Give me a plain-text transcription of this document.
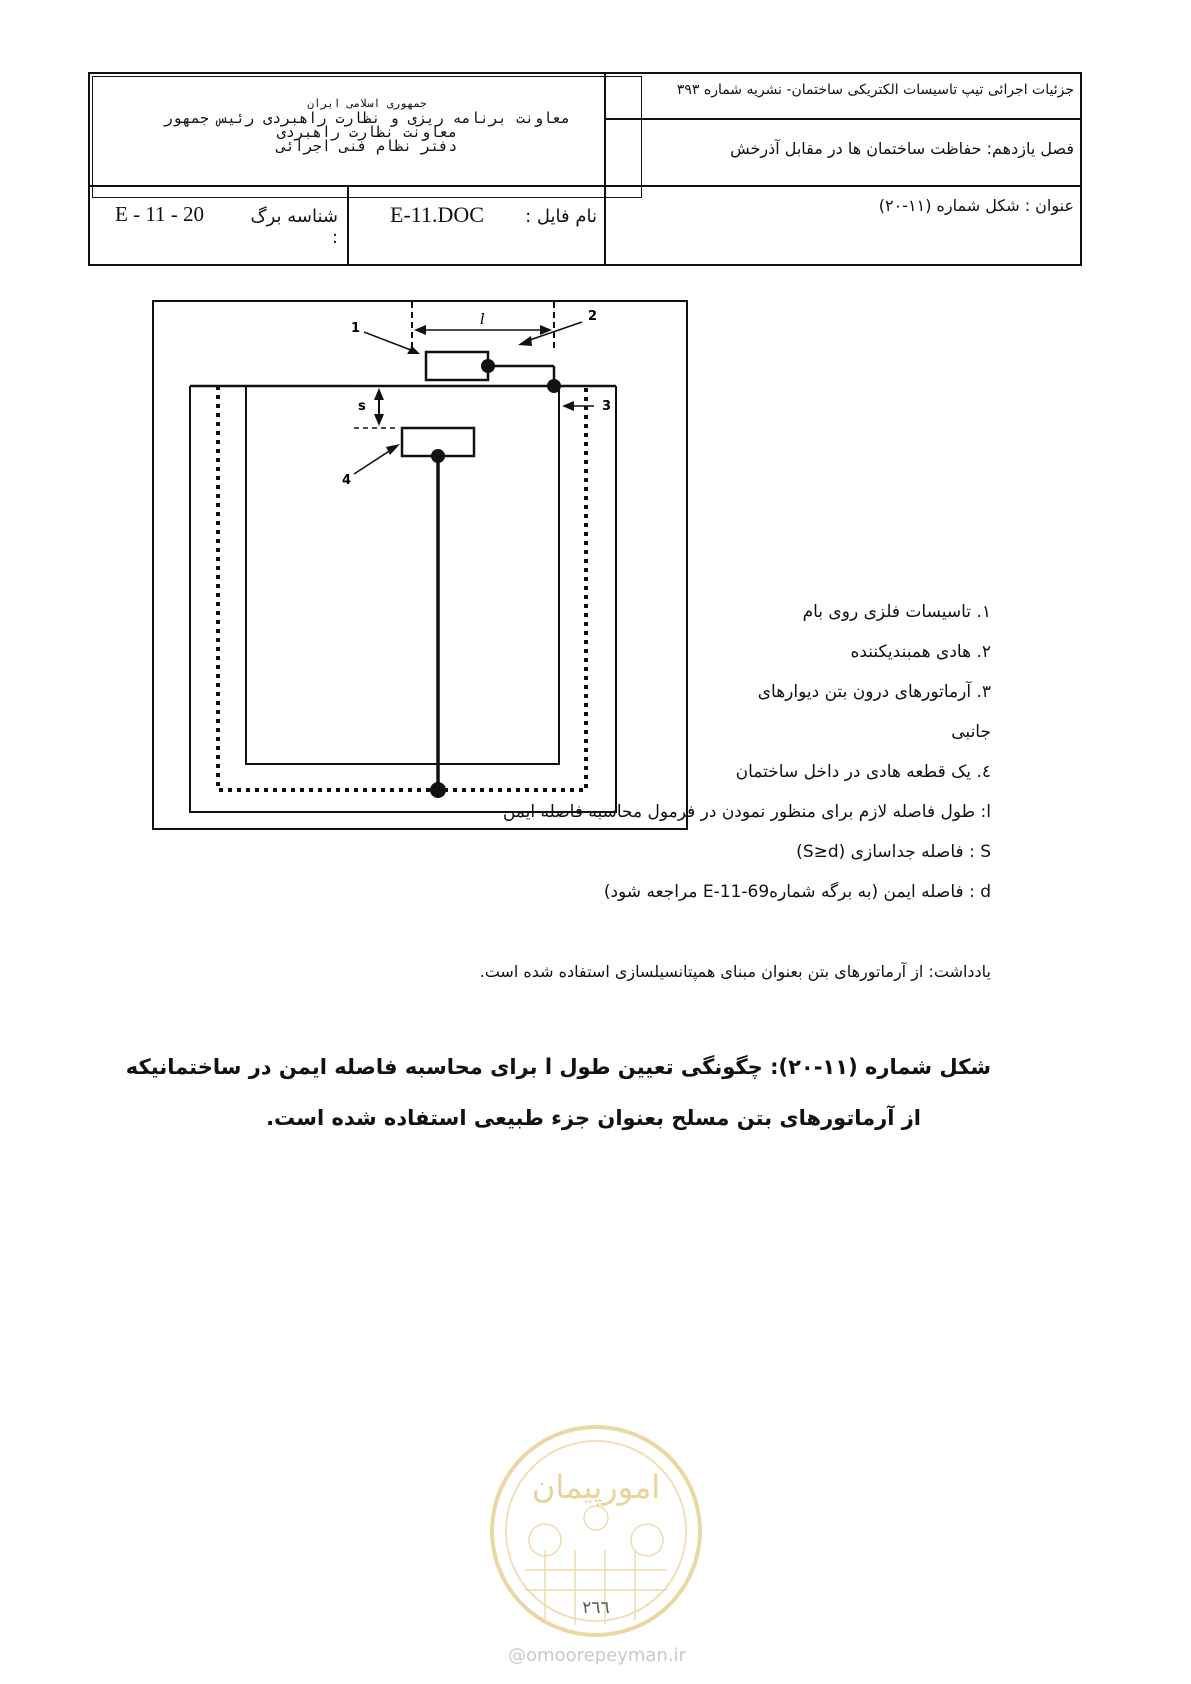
جزئیات اجرائی تیپ تاسیسات الکتریکی ساختمان- نشریه شماره ۳۹۳
فصل یازدهم: حفاظت ساختمان ها در مقابل آذرخش
عنوان : شکل شماره (۱۱-۲۰)
نام فایل :
E-11.DOC
شناسه برگ :
E - 11 - 20
جمهوری اسلامی ایران
معاونت برنامه ریزی و نظارت راهبردی رئیس جمهور
معاونت نظارت راهبردی
دفتر نظام فنی اجرائی
l
s
1
2
3
4
۱. تاسیسات فلزی روی بام
۲. هادی همبندیکننده
۳. آرماتورهای درون بتن دیوارهای
جانبی
٤. یک قطعه هادی در داخل ساختمان
l: طول فاصله لازم برای منظور نمودن در فرمول محاسبه فاصله ایمن
S : فاصله جداسازی (S≥d)
d : فاصله ایمن (به برگه شمارهE-11-69 مراجعه شود)
یادداشت: از آرماتورهای بتن بعنوان مبنای همپتانسیلسازی استفاده شده است.
شکل شماره (۱۱-۲۰): چگونگی تعیین طول l برای محاسبه فاصله ایمن در ساختمانیکه
از آرماتورهای بتن مسلح بعنوان جزء طبیعی استفاده شده است.
امورپیمان
۲٦٦
@omoorepeyman.ir
